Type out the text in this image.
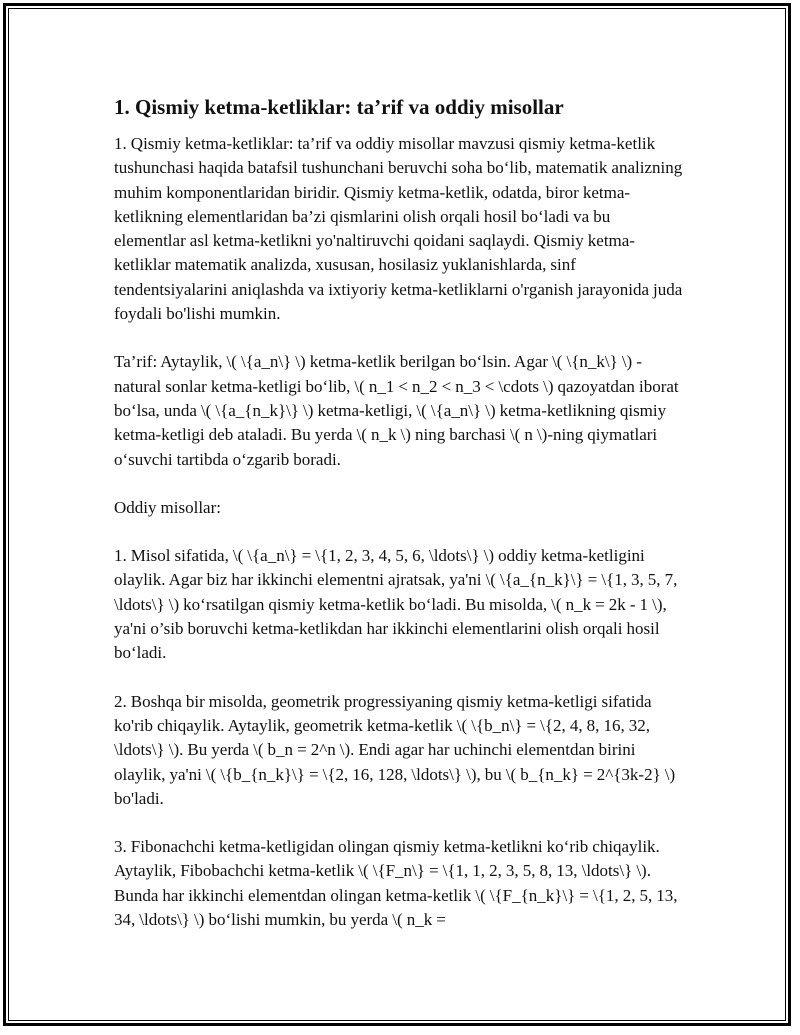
1. Qismiy ketma-ketliklar: ta’rif va oddiy misollar

1. Qismiy ketma-ketliklar: ta’rif va oddiy misollar mavzusi qismiy ketma-ketlik tushunchasi haqida batafsil tushunchani beruvchi soha bo‘lib, matematik analizning muhim komponentlaridan biridir. Qismiy ketma-ketlik, odatda, biror ketma-ketlikning elementlaridan ba’zi qismlarini olish orqali hosil bo‘ladi va bu elementlar asl ketma-ketlikni yo'naltiruvchi qoidani saqlaydi. Qismiy ketma-ketliklar matematik analizda, xususan, hosilasiz yuklanishlarda, sinf tendentsiyalarini aniqlashda va ixtiyoriy ketma-ketliklarni o'rganish jarayonida juda foydali bo'lishi mumkin.

Ta’rif: Aytaylik, \( \{a_n\} \) ketma-ketlik berilgan bo‘lsin. Agar \( \{n_k\} \) - natural sonlar ketma-ketligi bo‘lib, \( n_1 < n_2 < n_3 < \cdots \) qazoyatdan iborat bo‘lsa, unda \( \{a_{n_k}\} \) ketma-ketligi, \( \{a_n\} \) ketma-ketlikning qismiy ketma-ketligi deb ataladi. Bu yerda \( n_k \) ning barchasi \( n \)-ning qiymatlari o‘suvchi tartibda o‘zgarib boradi.

Oddiy misollar:

1. Misol sifatida, \( \{a_n\} = \{1, 2, 3, 4, 5, 6, \ldots\} \) oddiy ketma-ketligini olaylik. Agar biz har ikkinchi elementni ajratsak, ya'ni \( \{a_{n_k}\} = \{1, 3, 5, 7, \ldots\} \) ko‘rsatilgan qismiy ketma-ketlik bo‘ladi. Bu misolda, \( n_k = 2k - 1 \), ya'ni o’sib boruvchi ketma-ketlikdan har ikkinchi elementlarini olish orqali hosil bo‘ladi.

2. Boshqa bir misolda, geometrik progressiyaning qismiy ketma-ketligi sifatida ko'rib chiqaylik. Aytaylik, geometrik ketma-ketlik \( \{b_n\} = \{2, 4, 8, 16, 32, \ldots\} \). Bu yerda \( b_n = 2^n \). Endi agar har uchinchi elementdan birini olaylik, ya'ni \( \{b_{n_k}\} = \{2, 16, 128, \ldots\} \), bu \( b_{n_k} = 2^{3k-2} \) bo'ladi.

3. Fibonachchi ketma-ketligidan olingan qismiy ketma-ketlikni ko‘rib chiqaylik. Aytaylik, Fibobachchi ketma-ketlik \( \{F_n\} = \{1, 1, 2, 3, 5, 8, 13, \ldots\} \). Bunda har ikkinchi elementdan olingan ketma-ketlik \( \{F_{n_k}\} = \{1, 2, 5, 13, 34, \ldots\} \) bo‘lishi mumkin, bu yerda \( n_k =
